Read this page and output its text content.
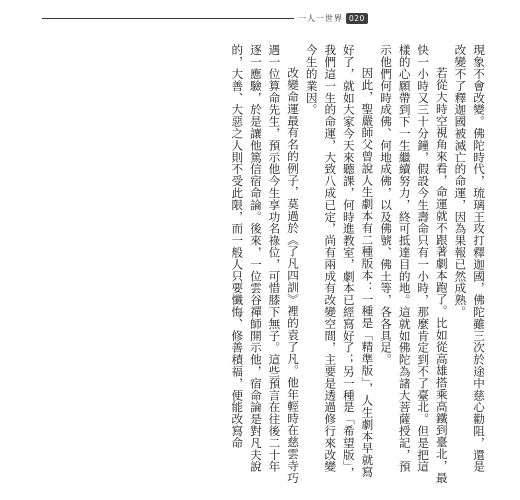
一人一世界 020

現象不會改變。佛陀時代，琉璃王攻打釋迦國，佛陀雖三次於途中慈心勸阻，還是改變不了釋迦國被滅亡的命運，因為果報已然成熟。

若從大時空視角來看，命運就不跟著劇本跑了。比如從高雄搭乘高鐵到臺北，最快一小時又三十分鐘，假設今生壽命只有一小時，那麼肯定到不了臺北。但是把這樣的心願帶到下一生繼續努力，終可抵達目的地。這就如佛陀為諸大菩薩授記，預示他們何時成佛、何地成佛，以及佛號、佛土等，各各具足。

因此，聖嚴師父曾說人生劇本有二種版本：一種是「精準版」，人生劇本早就寫好了，就如大家今天來聽課，何時進教室，劇本已經寫好了；另一種是「希望版」，我們這一生的命運，大致八成已定，尚有兩成有改變空間，主要是透過修行來改變今生的業因。

改變命運最有名的例子，莫過於《了凡四訓》裡的袁了凡。他年輕時在慈雲寺巧遇一位算命先生，預示他今生享功名祿位，可惜膝下無子。這些預言在往後二十年逐一應驗，於是讓他篤信宿命論。後來，一位雲谷禪師開示他，宿命論是對凡夫說的，大善、大惡之人則不受此限，而一般人只要懺悔、修善積福，便能改寫命
